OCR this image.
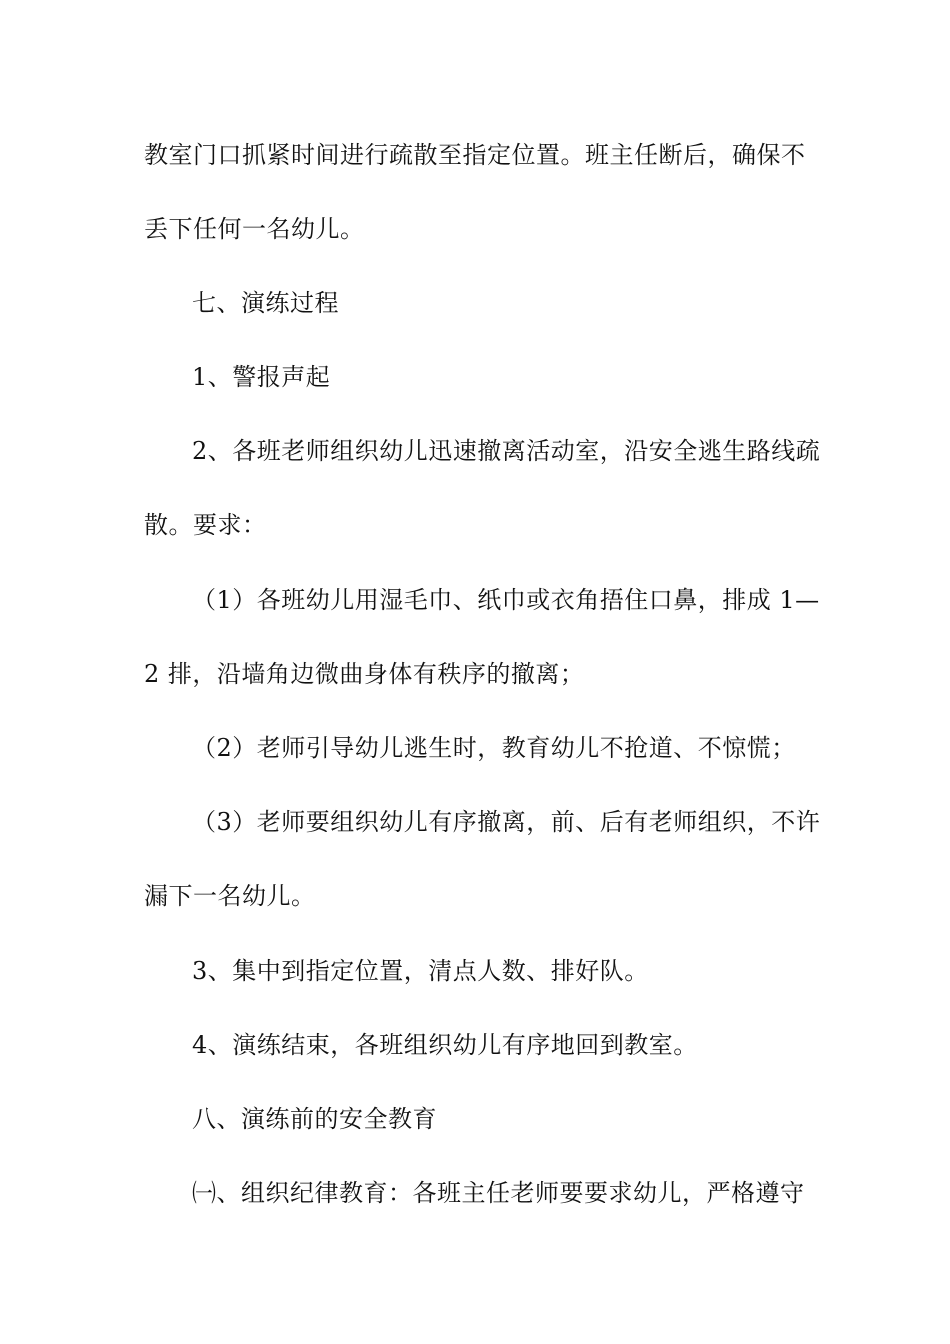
教室门口抓紧时间进行疏散至指定位置。班主任断后，确保不
丢下任何一名幼儿。
七、演练过程
1、警报声起
2、各班老师组织幼儿迅速撤离活动室，沿安全逃生路线疏
散。要求：
（1）各班幼儿用湿毛巾、纸巾或衣角捂住口鼻，排成 1—
2 排，沿墙角边微曲身体有秩序的撤离；
（2）老师引导幼儿逃生时，教育幼儿不抢道、不惊慌；
（3）老师要组织幼儿有序撤离，前、后有老师组织，不许
漏下一名幼儿。
3、集中到指定位置，清点人数、排好队。
4、演练结束，各班组织幼儿有序地回到教室。
八、演练前的安全教育
㈠、组织纪律教育：各班主任老师要要求幼儿，严格遵守
